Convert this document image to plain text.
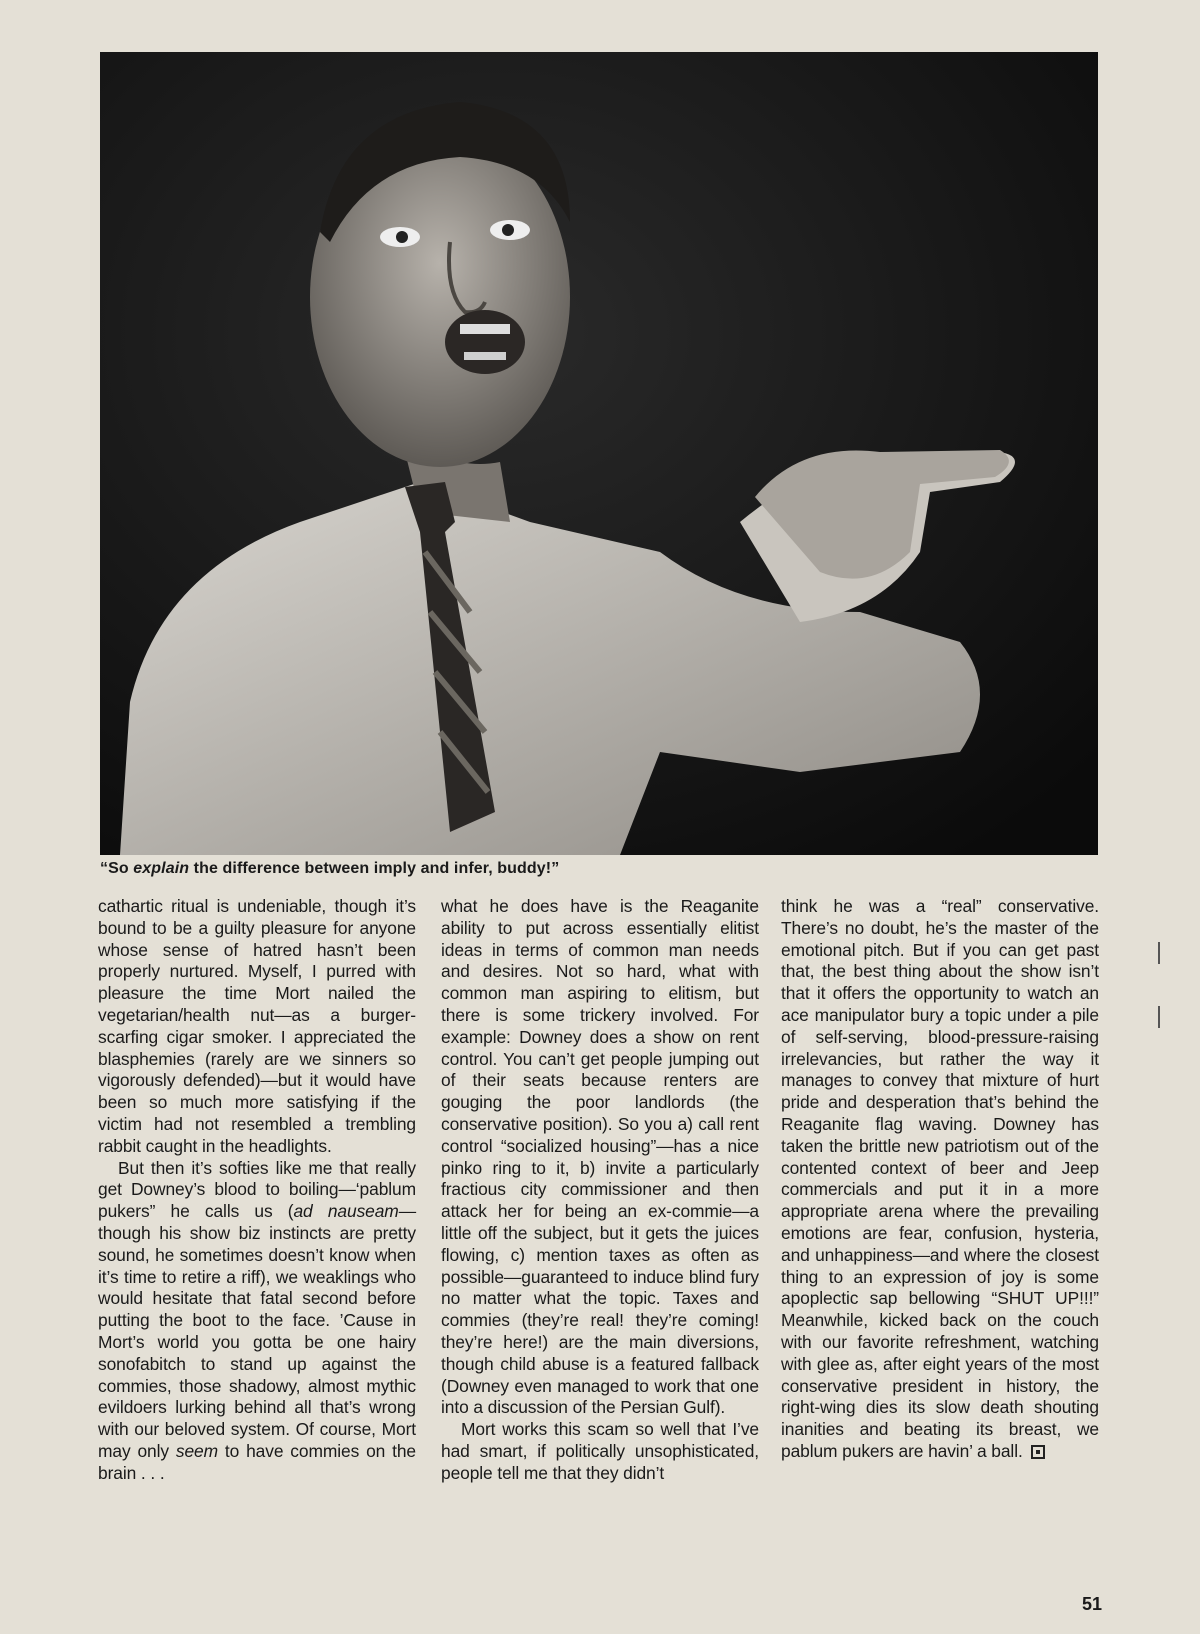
“So explain the difference between imply and infer, buddy!”

cathartic ritual is undeniable, though it’s bound to be a guilty pleasure for anyone whose sense of hatred hasn’t been properly nurtured. Myself, I purred with pleasure the time Mort nailed the vegetarian/health nut—as a burger-scarfing cigar smoker. I appreciated the blasphemies (rarely are we sinners so vigorously defended)—but it would have been so much more satisfying if the victim had not resembled a trembling rabbit caught in the headlights.

But then it’s softies like me that really get Downey’s blood to boiling—‘pablum pukers” he calls us (ad nauseam—though his show biz instincts are pretty sound, he sometimes doesn’t know when it’s time to retire a riff), we weaklings who would hesitate that fatal second before putting the boot to the face. ’Cause in Mort’s world you gotta be one hairy sonofabitch to stand up against the commies, those shadowy, almost mythic evildoers lurking behind all that’s wrong with our beloved system. Of course, Mort may only seem to have commies on the brain . . .

what he does have is the Reaganite ability to put across essentially elitist ideas in terms of common man needs and desires. Not so hard, what with common man aspiring to elitism, but there is some trickery involved. For example: Downey does a show on rent control. You can’t get people jumping out of their seats because renters are gouging the poor landlords (the conservative position). So you a) call rent control “socialized housing”—has a nice pinko ring to it, b) invite a particularly fractious city commissioner and then attack her for being an ex-commie—a little off the subject, but it gets the juices flowing, c) mention taxes as often as possible—guaranteed to induce blind fury no matter what the topic. Taxes and commies (they’re real! they’re coming! they’re here!) are the main diversions, though child abuse is a featured fallback (Downey even managed to work that one into a discussion of the Persian Gulf).

Mort works this scam so well that I’ve had smart, if politically unsophisticated, people tell me that they didn’t

think he was a “real” conservative. There’s no doubt, he’s the master of the emotional pitch. But if you can get past that, the best thing about the show isn’t that it offers the opportunity to watch an ace manipulator bury a topic under a pile of self-serving, blood-pressure-raising irrelevancies, but rather the way it manages to convey that mixture of hurt pride and desperation that’s behind the Reaganite flag waving. Downey has taken the brittle new patriotism out of the contented context of beer and Jeep commercials and put it in a more appropriate arena where the prevailing emotions are fear, confusion, hysteria, and unhappiness—and where the closest thing to an expression of joy is some apoplectic sap bellowing “SHUT UP!!!” Meanwhile, kicked back on the couch with our favorite refreshment, watching with glee as, after eight years of the most conservative president in history, the right-wing dies its slow death shouting inanities and beating its breast, we pablum pukers are havin’ a ball.

51
